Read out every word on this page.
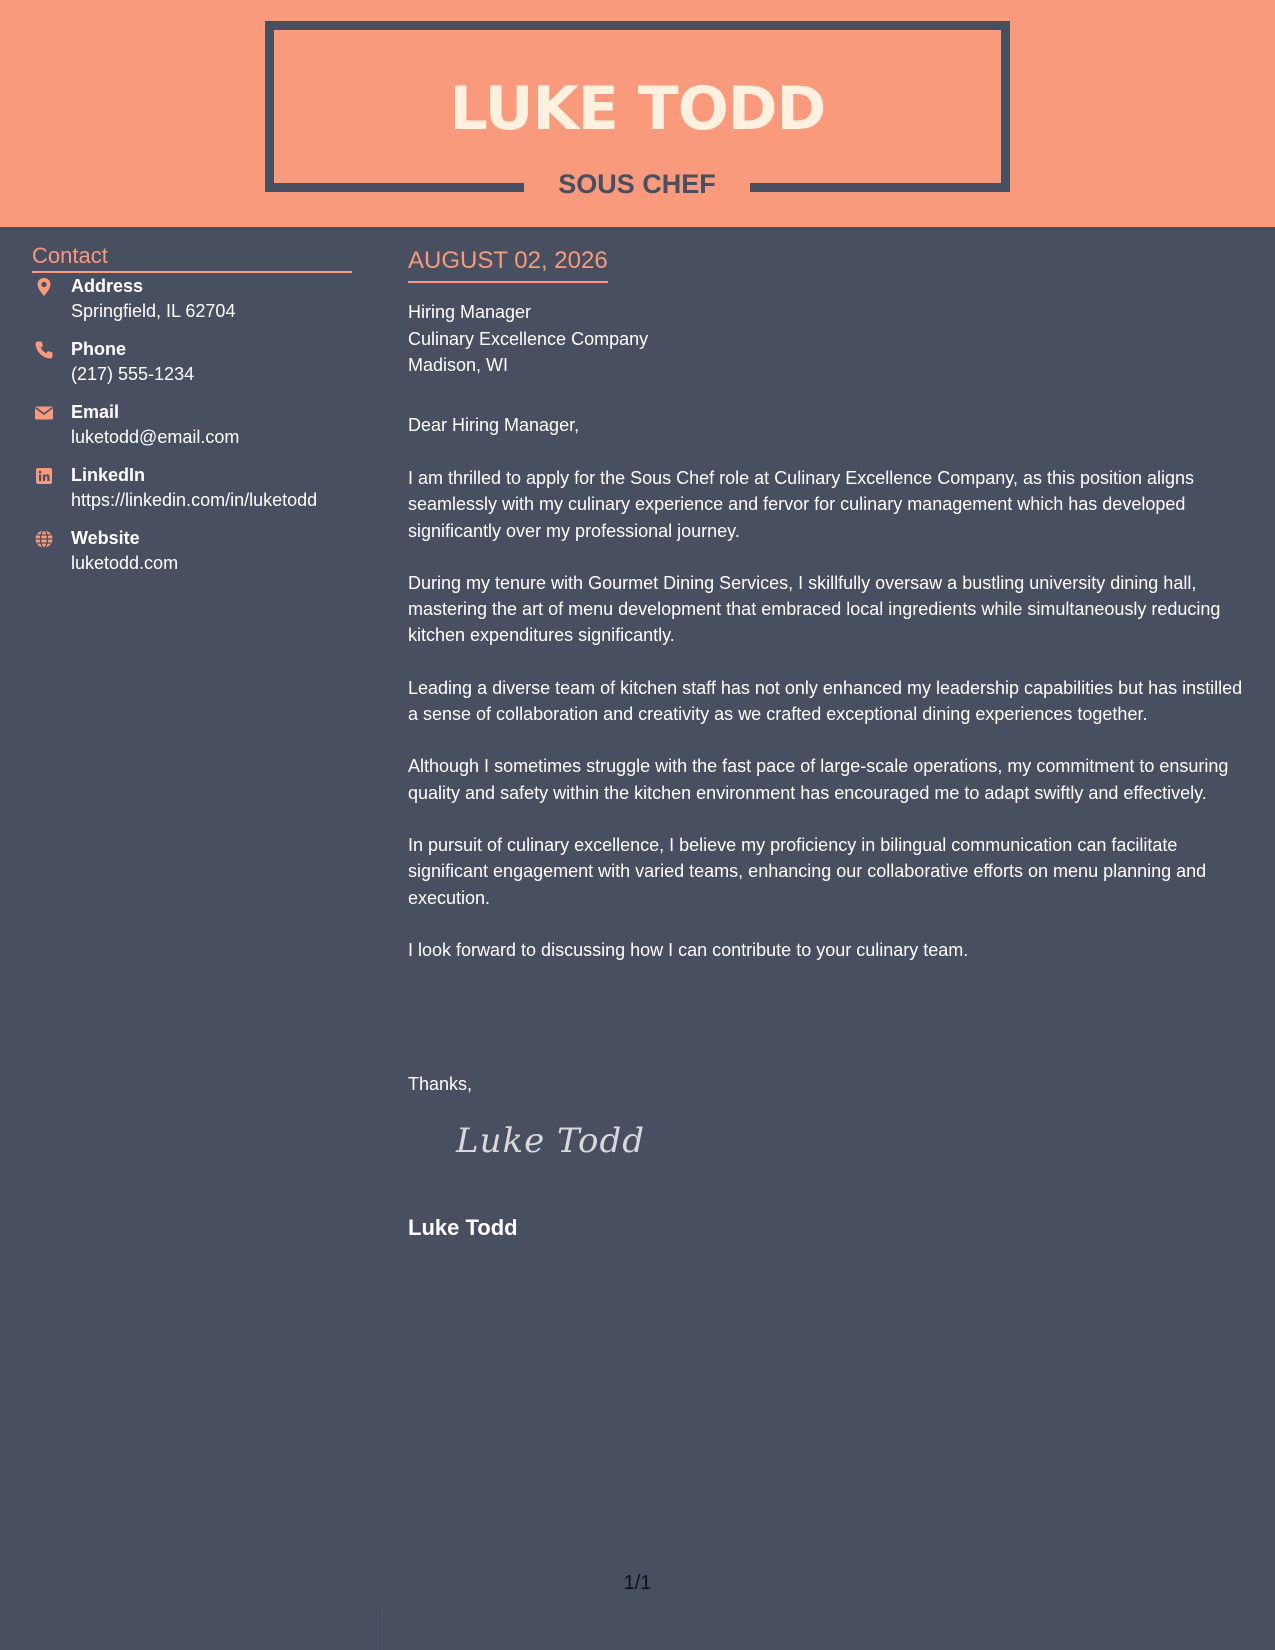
LUKE TODD
SOUS CHEF
Contact
Address
Springfield, IL 62704
Phone
(217) 555-1234
Email
luketodd@email.com
LinkedIn
https://linkedin.com/in/luketodd
Website
luketodd.com
AUGUST 02, 2026
Hiring Manager
Culinary Excellence Company
Madison, WI
Dear Hiring Manager,

I am thrilled to apply for the Sous Chef role at Culinary Excellence Company, as this position aligns seamlessly with my culinary experience and fervor for culinary management which has developed significantly over my professional journey.

During my tenure with Gourmet Dining Services, I skillfully oversaw a bustling university dining hall, mastering the art of menu development that embraced local ingredients while simultaneously reducing kitchen expenditures significantly.

Leading a diverse team of kitchen staff has not only enhanced my leadership capabilities but has instilled a sense of collaboration and creativity as we crafted exceptional dining experiences together.

Although I sometimes struggle with the fast pace of large-scale operations, my commitment to ensuring quality and safety within the kitchen environment has encouraged me to adapt swiftly and effectively.

In pursuit of culinary excellence, I believe my proficiency in bilingual communication can facilitate significant engagement with varied teams, enhancing our collaborative efforts on menu planning and execution.

I look forward to discussing how I can contribute to your culinary team.

Thanks,
Luke Todd
Luke Todd
1/1
